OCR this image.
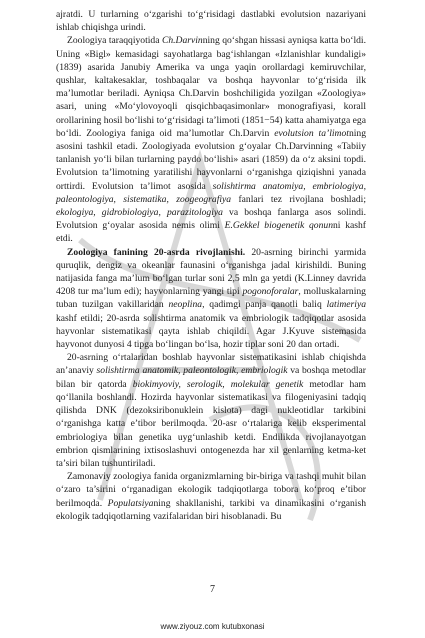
ajratdi. U turlarning o‘zgarishi to‘g‘risidagi dastlabki evolutsion nazariyani ishlab chiqishga urindi.

Zoologiya taraqqiyotida Ch.Darvinning qo‘shgan hissasi ayniqsa katta bo‘ldi. Uning «Bigl» kemasidagi sayohatlarga bag‘ishlangan «Izlanishlar kundaligi» (1839) asarida Janubiy Amerika va unga yaqin orollardagi kemiruvchilar, qushlar, kaltakesaklar, toshbaqalar va boshqa hayvonlar to‘g‘risida ilk ma’lumotlar beriladi. Ayniqsa Ch.Darvin boshchiligida yozilgan «Zoologiya» asari, uning «Mo‘ylovoyoqli qisqichbaqasimonlar» monografiyasi, korall orollarining hosil bo‘lishi to‘g‘risidagi ta’limoti (1851−54) katta ahamiyatga ega bo‘ldi. Zoologiya faniga oid ma’lumotlar Ch.Darvin evolutsion ta’limotning asosini tashkil etadi. Zoologiyada evolutsion g‘oyalar Ch.Darvinning «Tabiiy tanlanish yo‘li bilan turlarning paydo bo‘lishi» asari (1859) da o‘z aksini topdi. Evolutsion ta’limotning yaratilishi hayvonlarni o‘rganishga qiziqishni yanada orttirdi. Evolutsion ta’limot asosida solishtirma anatomiya, embriologiya, paleontologiya, sistematika, zoogeografiya fanlari tez rivojlana boshladi; ekologiya, gidrobiologiya, parazitologiya va boshqa fanlarga asos solindi. Evolutsion g‘oyalar asosida nemis olimi E.Gekkel biogenetik qonunni kashf etdi.

Zoologiya fanining 20-asrda rivojlanishi. 20-asrning birinchi yarmida quruqlik, dengiz va okeanlar faunasini o‘rganishga jadal kirishildi. Buning natijasida fanga ma’lum bo‘lgan turlar soni 2,5 mln ga yetdi (K.Linney davrida 4208 tur ma’lum edi); hayvonlarning yangi tipi pogonoforalar, molluskalarning tuban tuzilgan vakillaridan neoplina, qadimgi panja qanotli baliq latimeriya kashf etildi; 20-asrda solishtirma anatomik va embriologik tadqiqotlar asosida hayvonlar sistematikasi qayta ishlab chiqildi. Agar J.Kyuve sistemasida hayvonot dunyosi 4 tipga bo‘lingan bo‘lsa, hozir tiplar soni 20 dan ortadi.

20-asrning o‘rtalaridan boshlab hayvonlar sistematikasini ishlab chiqishda an’anaviy solishtirma anatomik, paleontologik, embriologik va boshqa metodlar bilan bir qatorda biokimyoviy, serologik, molekular genetik metodlar ham qo‘llanila boshlandi. Hozirda hayvonlar sistematikasi va filogeniyasini tadqiq qilishda DNK (dezoksiribonuklein kislota) dagi nukleotidlar tarkibini o‘rganishga katta e’tibor berilmoqda. 20-asr o‘rtalariga kelib eksperimental embriologiya bilan genetika uyg‘unlashib ketdi. Endilikda rivojlanayotgan embrion qismlarining ixtisoslashuvi ontogenezda har xil genlarning ketma-ket ta’siri bilan tushuntiriladi.

Zamonaviy zoologiya fanida organizmlarning bir-biriga va tashqi muhit bilan o‘zaro ta’sirini o‘rganadigan ekologik tadqiqotlarga tobora ko‘proq e’tibor berilmoqda. Populatsiyaning shakllanishi, tarkibi va dinamikasini o‘rganish ekologik tadqiqotlarning vazifalaridan biri hisoblanadi. Bu

7
www.ziyouz.com kutubxonasi
